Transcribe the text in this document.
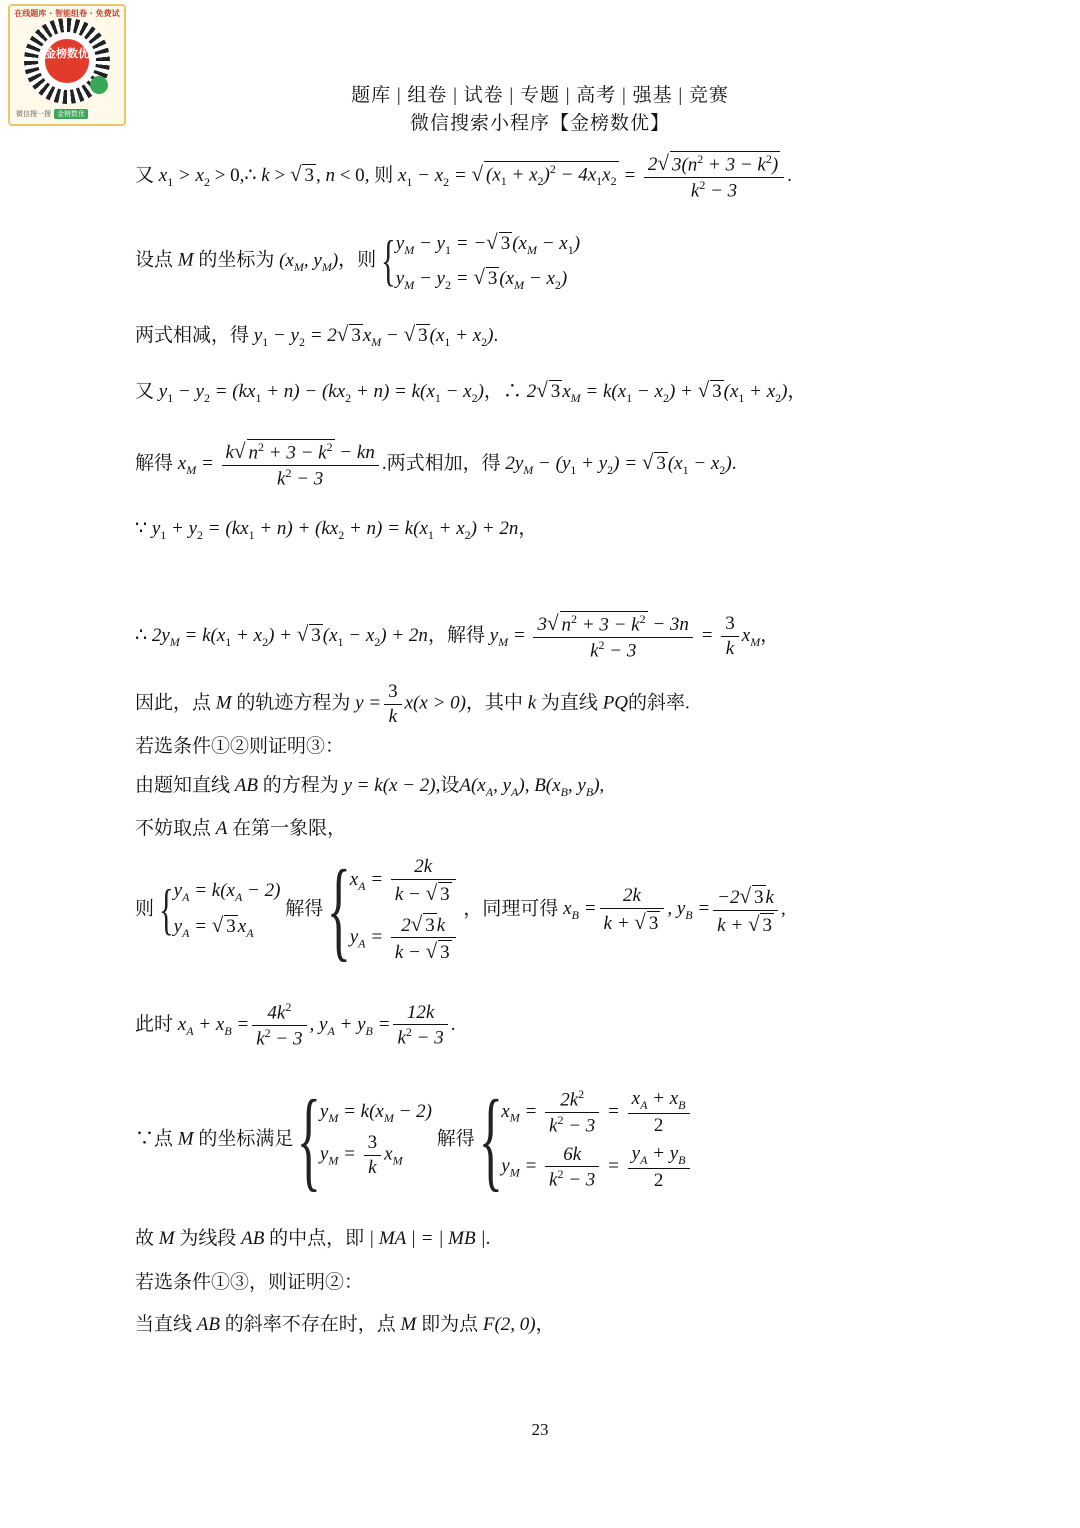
在线题库 · 智能组卷 · 免费试
金榜数优
微信搜一搜 金榜数优
题库 | 组卷 | 试卷 | 专题 | 高考 | 强基 | 竞赛
微信搜索小程序【金榜数优】
又 $x_1 > x_2$ > 0,∴ k > √ 3 , n < 0, 则 $x_1 - x_2$ = √ $(x_1 + x_2)^2 - 4x_1x_2 = \frac{2√ 3(n^2 + 3 - k^2)}{k^2 - 3}$ .
设点 M 的坐标为 ($x_M$, $y_M$)，则 { $y_M - y_1$ = −√ 3 $(x_M - x_1)$
$y_M - y_2$ = √ 3 $(x_M - x_2)$
两式相减，得 $y_1 - y_2 = 2√$ 3 $x_M$ − √ 3 $(x_1 + x_2)$.
又 $y_1 - y_2 = (kx_1 + n) - (kx_2 + n) = k(x_1 - x_2)$，∴ 2√ 3 $x_M = k(x_1 - x_2)$ + √ 3 $(x_1 + x_2)$，
解得 $x_M = \frac{k√ n^2 + 3 - k^2 - kn}{k^2 - 3}$ .两式相加，得 $2y_M - (y_1 + y_2)$ = √ 3 $(x_1 - x_2)$.
∵ $y_1 + y_2 = (kx_1 + n) + (kx_2 + n) = k(x_1 + x_2) + 2n$，
∴ $2y_M = k(x_1 + x_2)$ + √ 3 $(x_1 - x_2) + 2n$，解得 $y_M = \frac{3√ n^2 + 3 - k^2 - 3n}{k^2 - 3} = \frac{3}{k} x_M$，
因此，点 M 的轨迹方程为 $y = \frac{3}{k} x(x > 0)$，其中 k 为直线 PQ的斜率.
若选条件①②则证明③：
由题知直线 AB 的方程为 y = k(x − 2),设$A(x_A$, $y_A$), $B(x_B$, $y_B$),
不妨取点 A 在第一象限，
则 { $y_A = k(x_A - 2)$
$y_A$ = √ 3 $x_A$
解得 {
$x_A = \frac{2k}{k - √ 3}$
$y_A = \frac{2√ 3 k}{k - √ 3}$
，同理可得 $x_B = \frac{2k}{k + √ 3}$ , $y_B = \frac{-2√ 3 k}{k + √ 3}$ ,
此时 $x_A + x_B = \frac{4k^2}{k^2 - 3}$ , $y_A + y_B = \frac{12k}{k^2 - 3}$ .
∵点 M 的坐标满足 {
$y_M = k(x_M - 2)$
$y_M = \frac{3}{k} x_M$
解得 {
$x_M = \frac{2k^2}{k^2 - 3} = \frac{x_A + x_B}{2}$
$y_M = \frac{6k}{k^2 - 3} = \frac{y_A + y_B}{2}$
故 M 为线段 AB 的中点，即 | MA | = | MB |.
若选条件①③，则证明②：
当直线 AB 的斜率不存在时，点 M 即为点 F(2, 0)，
23
